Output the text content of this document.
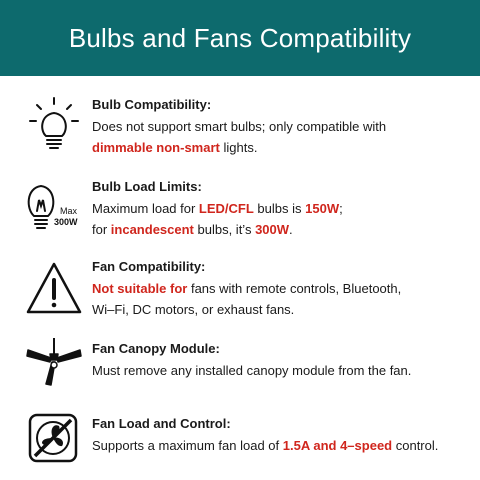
Bulbs and Fans Compatibility
Bulb Compatibility:
Does not support smart bulbs; only compatible with
dimmable non-smart lights.
Max
300W
Bulb Load Limits:
Maximum load for LED/CFL bulbs is 150W;
for incandescent bulbs, it’s 300W.
Fan Compatibility:
Not suitable for fans with remote controls, Bluetooth,
Wi–Fi, DC motors, or exhaust fans.
Fan Canopy Module:
Must remove any installed canopy module from the fan.
Fan Load and Control:
Supports a maximum fan load of 1.5A and 4–speed control.
